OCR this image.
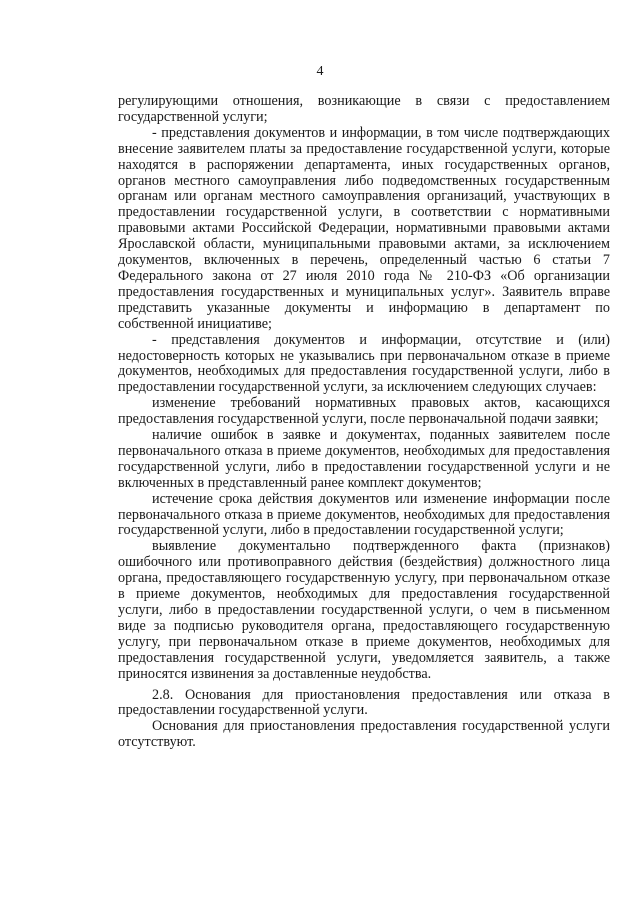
4

регулирующими отношения, возникающие в связи с предоставлением государственной услуги;

- представления документов и информации, в том числе подтверждающих внесение заявителем платы за предоставление государственной услуги, которые находятся в распоряжении департамента, иных государственных органов, органов местного самоуправления либо подведомственных государственным органам или органам местного самоуправления организаций, участвующих в предоставлении государственной услуги, в соответствии с нормативными правовыми актами Российской Федерации, нормативными правовыми актами Ярославской области, муниципальными правовыми актами, за исключением документов, включенных в перечень, определенный частью 6 статьи 7 Федерального закона от 27 июля 2010 года № 210-ФЗ «Об организации предоставления государственных и муниципальных услуг». Заявитель вправе представить указанные документы и информацию в департамент по собственной инициативе;

- представления документов и информации, отсутствие и (или) недостоверность которых не указывались при первоначальном отказе в приеме документов, необходимых для предоставления государственной услуги, либо в предоставлении государственной услуги, за исключением следующих случаев:

изменение требований нормативных правовых актов, касающихся предоставления государственной услуги, после первоначальной подачи заявки;

наличие ошибок в заявке и документах, поданных заявителем после первоначального отказа в приеме документов, необходимых для предоставления государственной услуги, либо в предоставлении государственной услуги и не включенных в представленный ранее комплект документов;

истечение срока действия документов или изменение информации после первоначального отказа в приеме документов, необходимых для предоставления государственной услуги, либо в предоставлении государственной услуги;

выявление документально подтвержденного факта (признаков) ошибочного или противоправного действия (бездействия) должностного лица органа, предоставляющего государственную услугу, при первоначальном отказе в приеме документов, необходимых для предоставления государственной услуги, либо в предоставлении государственной услуги, о чем в письменном виде за подписью руководителя органа, предоставляющего государственную услугу, при первоначальном отказе в приеме документов, необходимых для предоставления государственной услуги, уведомляется заявитель, а также приносятся извинения за доставленные неудобства.

2.8. Основания для приостановления предоставления или отказа в предоставлении государственной услуги.

Основания для приостановления предоставления государственной услуги отсутствуют.
